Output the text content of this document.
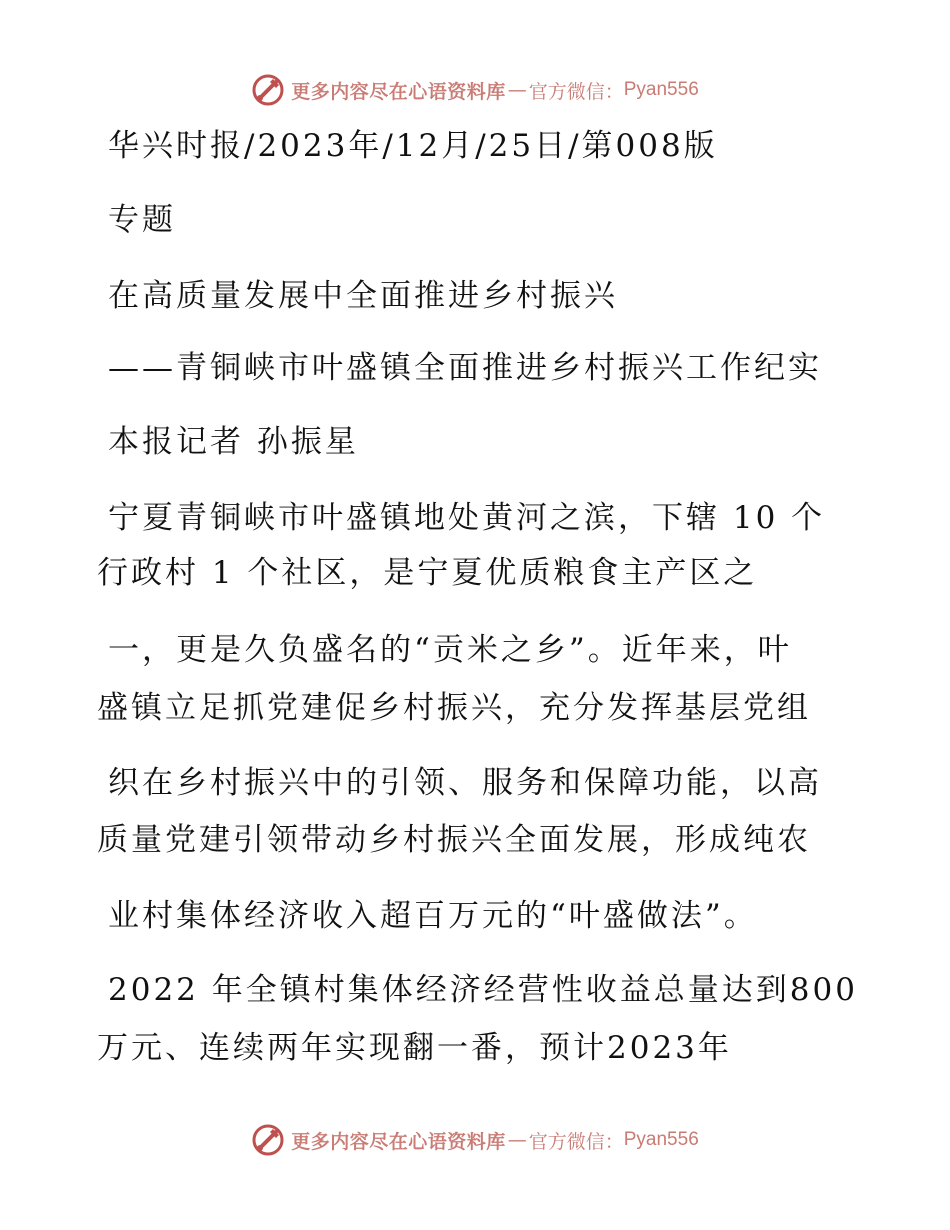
更多内容尽在心语资料库 — 官方微信： Pyan556
华兴时报/2023年/12月/25日/第008版
专题
在高质量发展中全面推进乡村振兴
——青铜峡市叶盛镇全面推进乡村振兴工作纪实
本报记者 孙振星
宁夏青铜峡市叶盛镇地处黄河之滨，下辖 10 个
行政村 1 个社区，是宁夏优质粮食主产区之
一，更是久负盛名的“贡米之乡”。近年来，叶
盛镇立足抓党建促乡村振兴，充分发挥基层党组
织在乡村振兴中的引领、服务和保障功能，以高
质量党建引领带动乡村振兴全面发展，形成纯农
业村集体经济收入超百万元的“叶盛做法”。
2022 年全镇村集体经济经营性收益总量达到800
万元、连续两年实现翻一番，预计2023年
更多内容尽在心语资料库 — 官方微信： Pyan556
